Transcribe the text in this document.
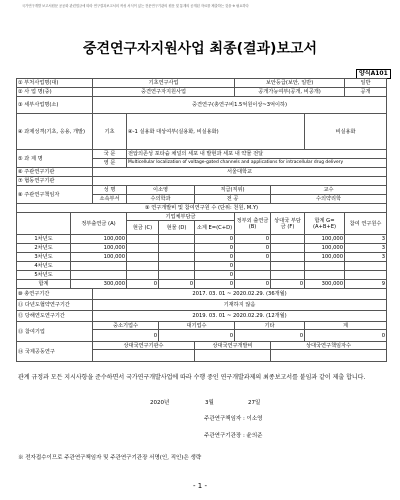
국가연구개발 보고서원문 공공화 관련법규에 따라 연구결과보고서의 작성 서식이 있는 전문연구기관의 원문 및 통계의 공개된 자료를 제출하는 것을 ※ 필요하다
중견연구자지원사업 최종(결과)보고서
양식A101
① 부처사업명(대)		기초연구사업				보안등급(보안, 일반)			일반
② 사 업 명(중)		중견연구자지원사업				공개가능여부(공개, 비공개)			공개
③ 세부사업명(소)		중견연구(총연구비1.5억원이상~3억이하)							
④ 과제성격(기초, 응용, 개발)		기초	④-1 실용화 대상여부(실용화, 비실용화)					비실용화	
⑤ 과 제 명		국 문	전압의존성 포타슘 채널의 세포 내 발현과 세포 내 약물 전달						
		영 문	Multicellular localization of voltage-gated channels and applications for intracellular drug delivery						
⑥ 주관연구기관		서울대학교							
⑦ 협동연구기관									
⑧ 주관연구책임자		성 명	이소영		직급(직위)		교수		
		소속부서	수의학과		전 공		수의약리학		
⑨ 연구개발비 및 참여연구원 수 (단위: 천원, M.Y)									
	정부출연금 (A)		기업체부담금			정부외 출연금 (B)	상대국 부담금 (F)	합계 G=(A+B+E)	참여 연구원수
			현금 (C)	현물 (D)	소계 E=(C+D)				
1차년도	100,000				0	0		100,000	3
2차년도	100,000				0	0		100,000	3
3차년도	100,000				0	0		100,000	3
4차년도					0				
5차년도					0				
합계	300,000		0	0	0	0	0	300,000	9
⑩ 총연구기간		2017. 03. 01 ~ 2020.02.29. (36개월)							
⑪ 다년도협약연구기간		기재하지 않음							
⑫ 당해연도연구기간		2019. 03. 01 ~ 2020.02.29. (12개월)							
⑬ 참여기업		중소기업수		대기업수		기타		계	
		0		0		0		0	
⑭ 국제공동연구		상대국연구기관수			상대국연구개발비		상대국연구책임자수		

관계 규정과 모든 지시사항을 준수하면서 국가연구개발사업에 따라 수행 중인 연구개발과제의 최종보고서를 붙임과 같이 제출 합니다.
2020년	3월	27일
주관연구책임자 : 이소영
주관연구기관장 : 윤의준
※ 전자접수이므로 주관연구책임자 및 주관연구기관장 서명(인, 직인)은 생략
- 1 -
